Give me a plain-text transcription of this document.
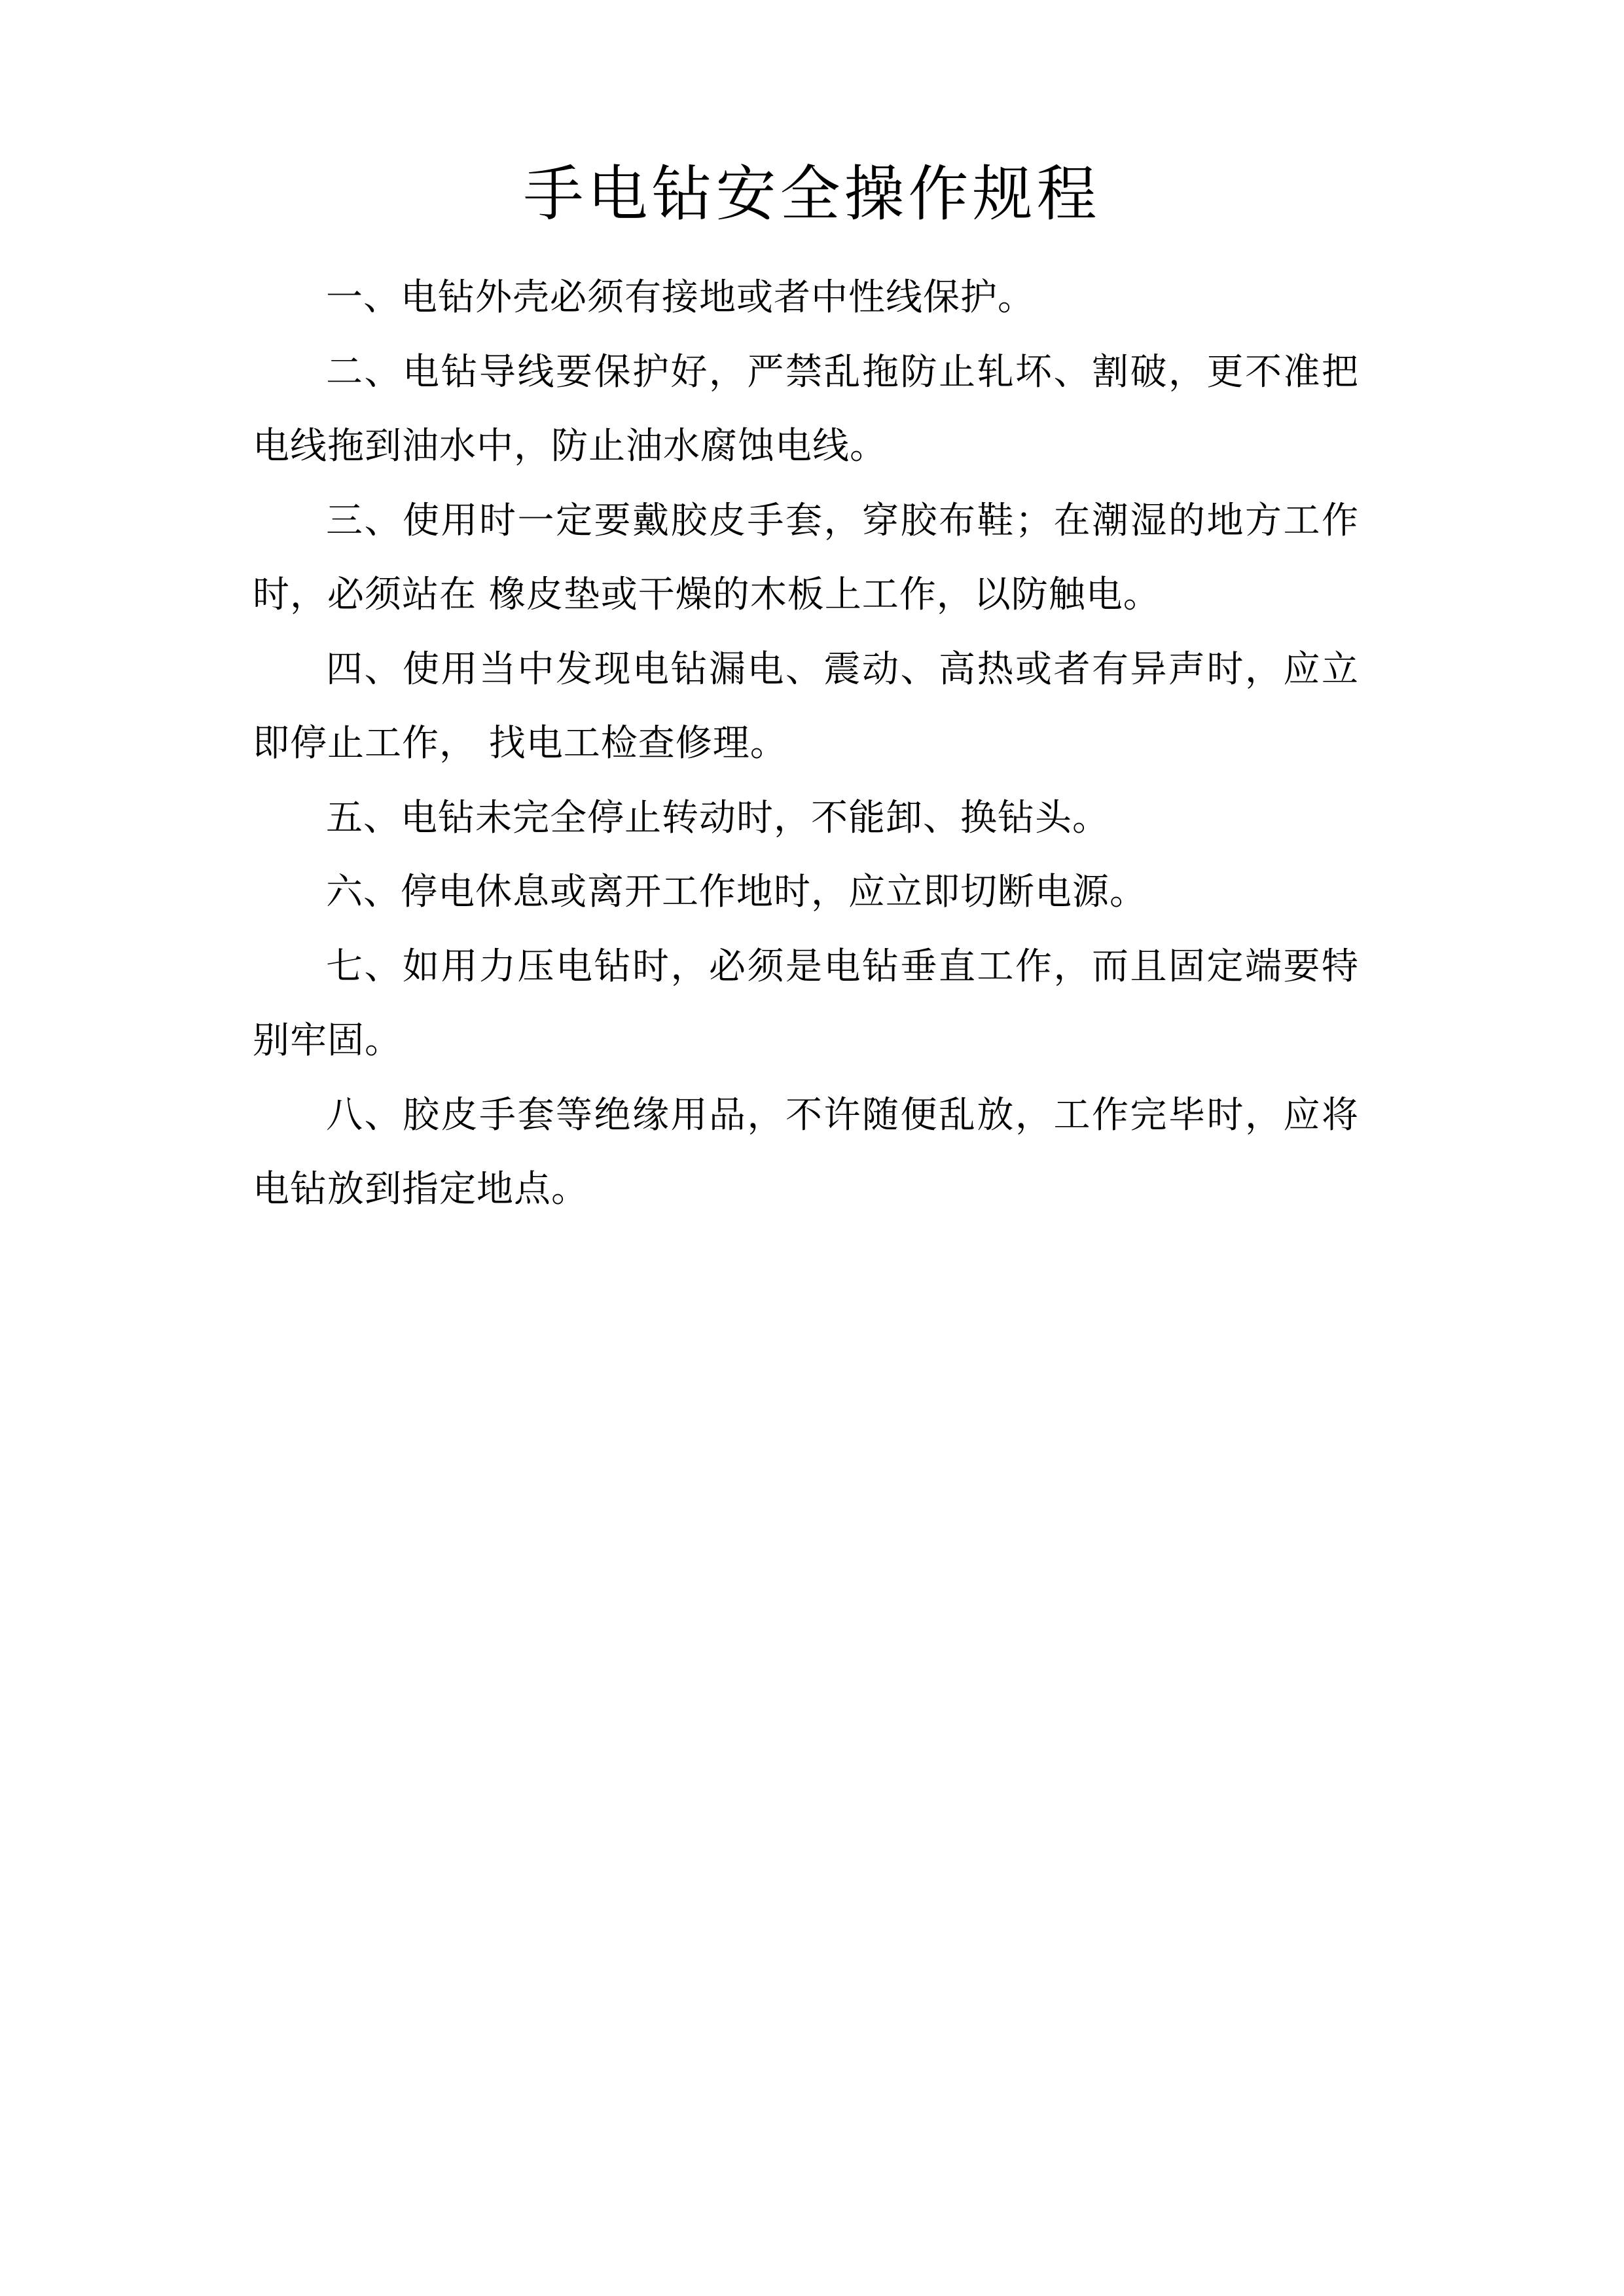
手电钻安全操作规程

一、电钻外壳必须有接地或者中性线保护。

二、电钻导线要保护好，严禁乱拖防止轧坏、割破，更不准把电线拖到油水中，防止油水腐蚀电线。

三、使用时一定要戴胶皮手套，穿胶布鞋；在潮湿的地方工作时，必须站在 橡皮垫或干燥的木板上工作，以防触电。

四、使用当中发现电钻漏电、震动、高热或者有异声时，应立即停止工作， 找电工检查修理。

五、电钻未完全停止转动时，不能卸、换钻头。

六、停电休息或离开工作地时，应立即切断电源。

七、如用力压电钻时，必须是电钻垂直工作，而且固定端要特别牢固。

八、胶皮手套等绝缘用品，不许随便乱放，工作完毕时，应将电钻放到指定地点。
